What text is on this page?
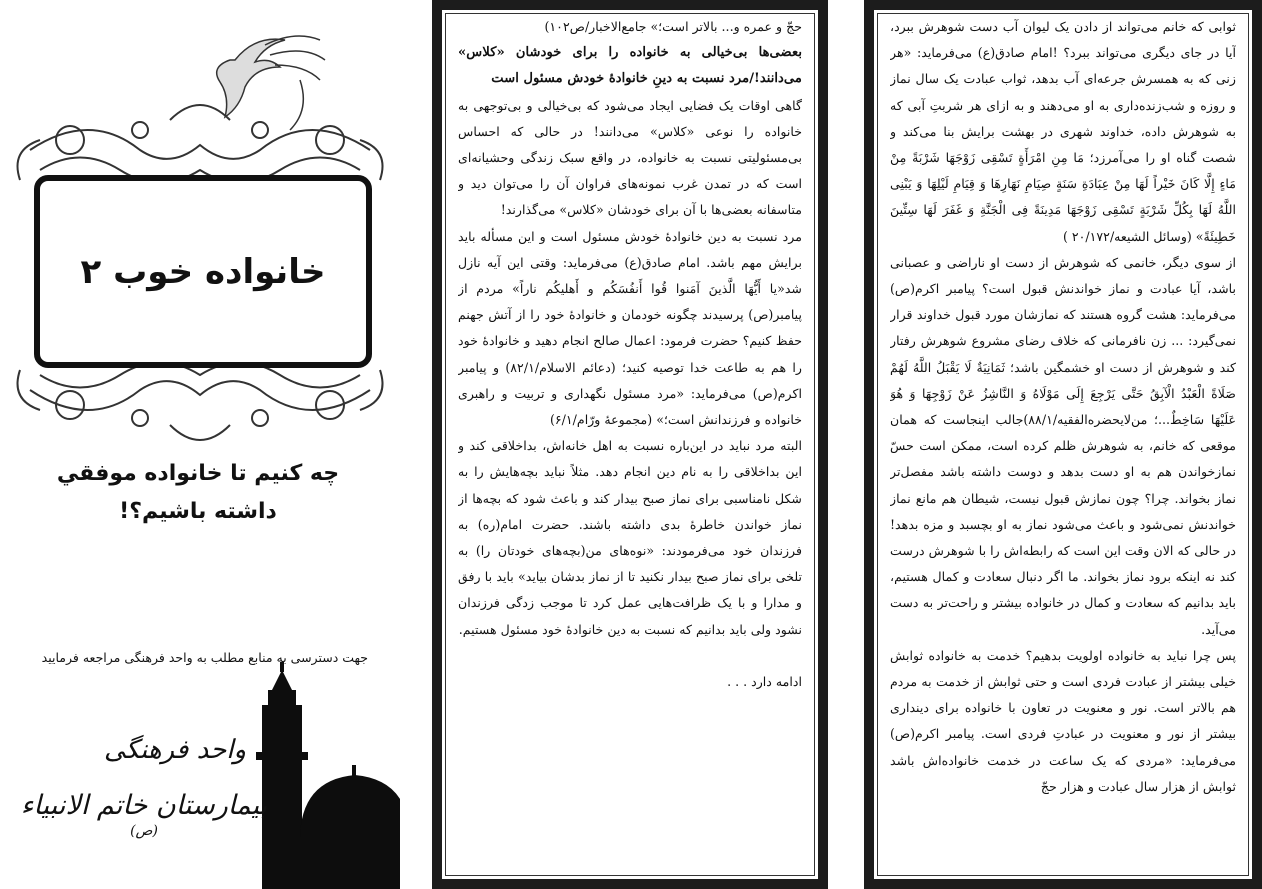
خانواده خوب ۲
چه کنیم تا خانواده موفقي داشته باشيم؟!
جهت دسترسی به منابع مطلب به واحد فرهنگی مراجعه فرمایید
واحد فرهنگی
بیمارستان خاتم الانبیاء $^{(ص)}$

حجّ و عمره و... بالاتر است؛» جامع‌الاخبار/ص۱۰۲)

بعضی‌ها بی‌خیالی به خانواده را برای خودشان «کلاس» می‌دانند!/مرد نسبت به دینِ خانوادهٔ خودش مسئول است

گاهی اوقات یک فضایی ایجاد می‌شود که بی‌خیالی و بی‌توجهی به خانواده را نوعی «کلاس» می‌دانند! در حالی که احساس بی‌مسئولیتی نسبت به خانواده، در واقع سبک زندگی وحشیانه‌ای است که در تمدن غرب نمونه‌های فراوان آن را می‌توان دید و متاسفانه بعضی‌ها با آن برای خودشان «کلاس» می‌گذارند!

مرد نسبت به دین خانوادهٔ خودش مسئول است و این مسأله باید برایش مهم باشد. امام صادق(ع) می‌فرماید: وقتی این آیه نازل شد«یا أَیُّهَا الَّذینَ آمَنوا قُوا أَنفُسَكُم و أَهلیكُم ناراً» مردم از پیامبر(ص) پرسیدند چگونه خودمان و خانوادهٔ خود را از آتش جهنم حفظ کنیم؟ حضرت فرمود: اعمال صالح انجام دهید و خانوادهٔ خود را هم به طاعت خدا توصیه کنید؛ (دعائم الاسلام/۸۲/۱) و پیامبر اکرم(ص) می‌فرماید: «مرد مسئول نگهداری و تربیت و راهبری خانواده و فرزندانش است؛» (مجموعهٔ ورّام/۶/۱)

البته مرد نباید در این‌باره نسبت به اهل خانه‌اش، بداخلاقی کند و این بداخلاقی را به نام دین انجام دهد. مثلاً نباید بچه‌هایش را به شکل نامناسبی برای نماز صبح بیدار کند و باعث شود که بچه‌ها از نماز خواندن خاطرهٔ بدی داشته باشند. حضرت امام(ره) به فرزندان خود می‌فرمودند: «نوه‌های من(بچه‌های خودتان را) به تلخی برای نماز صبح بیدار نکنید تا از نماز بدشان بیاید» باید با رفق و مدارا و با یک ظرافت‌هایی عمل کرد تا موجب زدگی فرزندان نشود ولی باید بدانیم که نسبت به دین خانوادهٔ خود مسئول هستیم.

ادامه دارد . . .

ثوابی که خانم می‌تواند از دادن یک لیوان آب دست شوهرش ببرد، آیا در جای دیگری می‌تواند ببرد؟ !امام صادق(ع) می‌فرماید: «هر زنی که به همسرش جرعه‌ای آب بدهد، ثواب عبادت یک سال نماز و روزه و شب‌زنده‌داری به او می‌دهند و به ازای هر شربتِ آبی که به شوهرش داده، خداوند شهری در بهشت برایش بنا می‌کند و شصت گناه او را می‌آمرزد؛ مَا مِنِ امْرَأَةٍ تَسْقِی زَوْجَهَا شَرْبَةً مِنْ مَاءٍ إِلَّا كَانَ خَیْراً لَهَا مِنْ عِبَادَةِ سَنَةٍ صِیَامِ نَهَارِهَا وَ قِیَامِ لَیْلِهَا وَ یَبْنِی اللَّهُ لَهَا بِكُلِّ شَرْبَةٍ تَسْقِی زَوْجَهَا مَدِینَةً فِی الْجَنَّةِ وَ غَفَرَ لَهَا سِتِّینَ خَطِیئَةً» (وسائل الشیعه/۲۰/۱۷۲ )

از سوی دیگر، خانمی که شوهرش از دست او ناراضی و عصبانی باشد، آیا عبادت و نماز خواندنش قبول است؟ پیامبر اکرم(ص) می‌فرماید: هشت گروه هستند که نمازشان مورد قبول خداوند قرار نمی‌گیرد: ... زن نافرمانی که خلاف رضای مشروع شوهرش رفتار کند و شوهرش از دست او خشمگین باشد؛ ثَمَانِیَةٌ لَا یَقْبَلُ اللَّهُ لَهُمْ صَلَاةً الْعَبْدُ الْآبِقُ حَتَّى یَرْجِعَ إِلَى مَوْلَاهُ وَ النَّاشِزُ عَنْ زَوْجِهَا وَ هُوَ عَلَیْهَا سَاخِطٌ...؛ من‌لایحضره‌الفقیه/۸۸/۱)جالب اینجاست که همان موقعی که خانم، به شوهرش ظلم کرده است، ممکن است حسّ نمازخواندن هم به او دست بدهد و دوست داشته باشد مفصل‌تر نماز بخواند. چرا؟ چون نمازش قبول نیست، شیطان هم مانع نماز خواندنش نمی‌شود و باعث می‌شود نماز به او بچسبد و مزه بدهد! در حالی که الان وقت این است که رابطه‌اش را با شوهرش درست کند نه اینکه برود نماز بخواند. ما اگر دنبال سعادت و کمال هستیم، باید بدانیم که سعادت و کمال در خانواده بیشتر و راحت‌تر به دست می‌آید.

پس چرا نباید به خانواده اولویت بدهیم؟ خدمت به خانواده ثوابش خیلی بیشتر از عبادت فردی است و حتی ثوابش از خدمت به مردم هم بالاتر است. نور و معنویت در تعاون با خانواده برای دینداری بیشتر از نور و معنویت در عبادتِ فردی است. پیامبر اکرم(ص) می‌فرماید: «مردی که یک ساعت در خدمت خانواده‌اش باشد ثوابش از هزار سال عبادت و هزار حجّ
